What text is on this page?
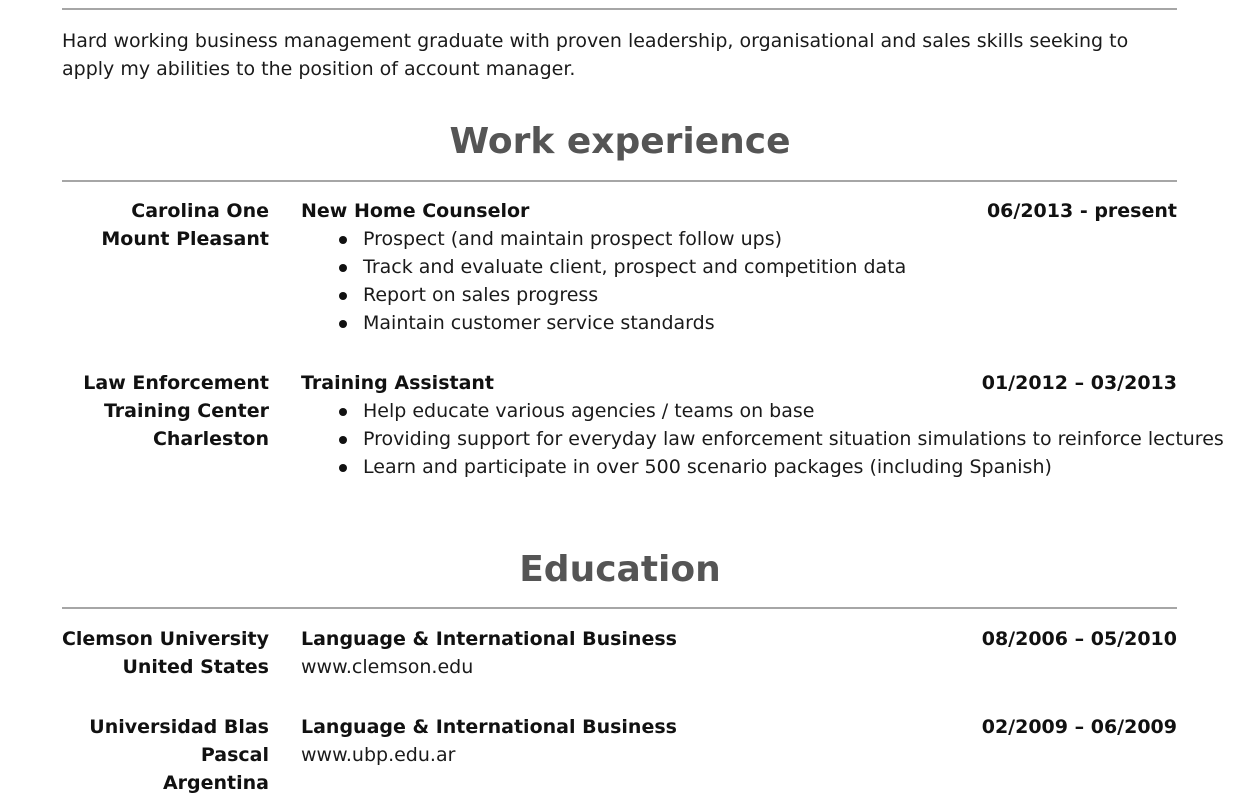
Hard working business management graduate with proven leadership, organisational and sales skills seeking to apply my abilities to the position of account manager.

Work experience
Carolina One
Mount Pleasant
New Home Counselor	06/2013 - present
Prospect (and maintain prospect follow ups)
Track and evaluate client, prospect and competition data
Report on sales progress
Maintain customer service standards
Law Enforcement
Training Center
Charleston
Training Assistant	01/2012 – 03/2013
Help educate various agencies / teams on base
Providing support for everyday law enforcement situation simulations to reinforce lectures
Learn and participate in over 500 scenario packages (including Spanish)
Education
Clemson University
United States
Language & International Business	08/2006 – 05/2010
www.clemson.edu
Universidad Blas
Pascal
Argentina
Language & International Business	02/2009 – 06/2009
www.ubp.edu.ar
